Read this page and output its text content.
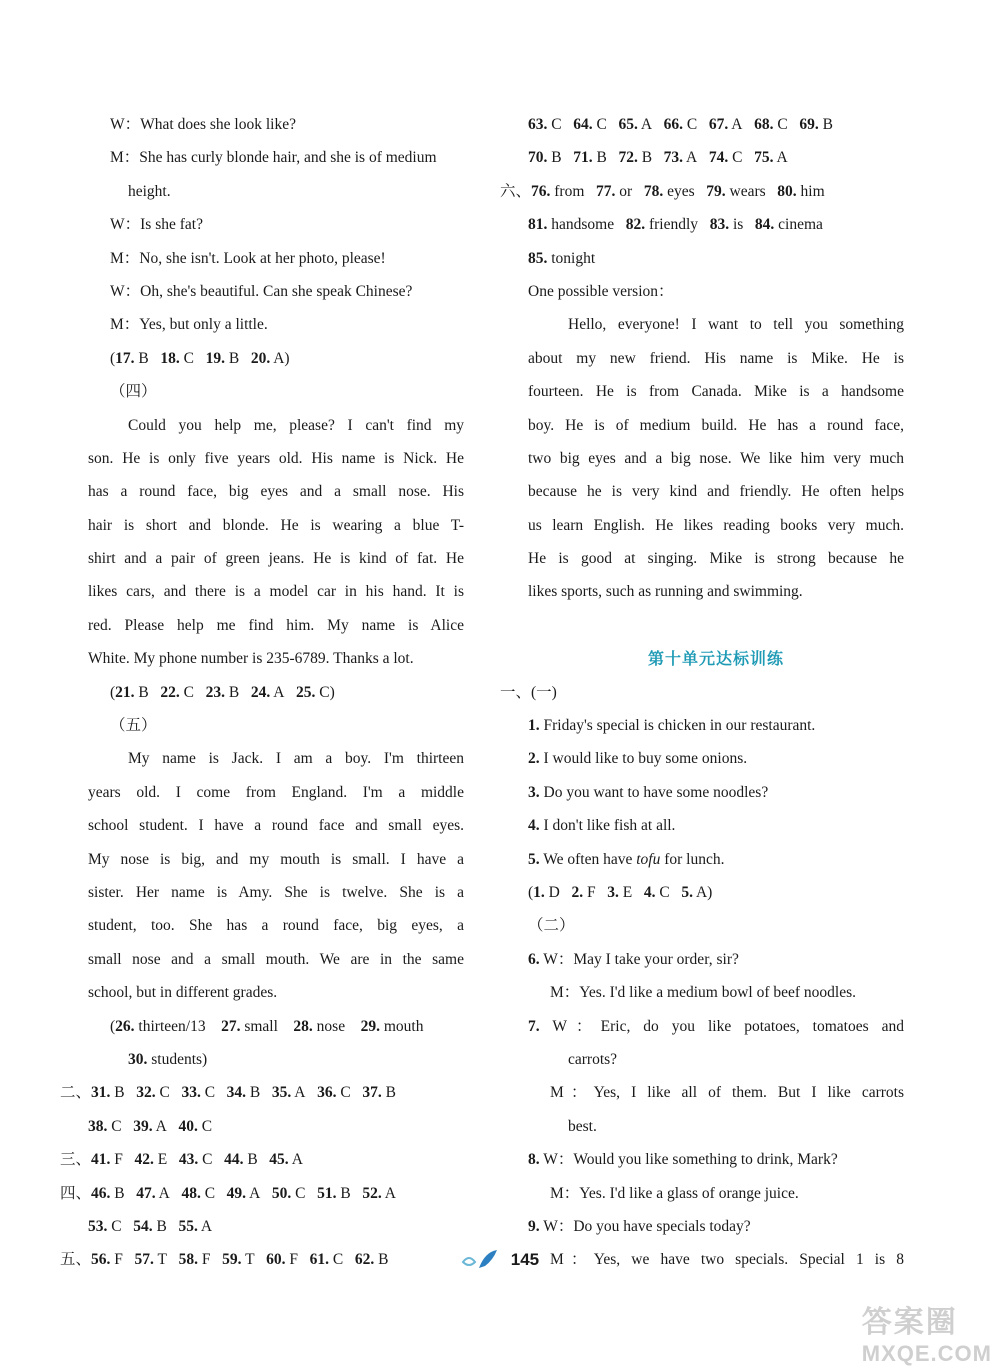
W：What does she look like?
M：She has curly blonde hair, and she is of medium
height.
W：Is she fat?
M：No, she isn't. Look at her photo, please!
W：Oh, she's beautiful. Can she speak Chinese?
M：Yes, but only a little.
(17. B   18. C   19. B   20. A)
（四）
Could you help me, please? I can't find my
son. He is only five years old. His name is Nick. He
has a round face, big eyes and a small nose. His
hair is short and blonde. He is wearing a blue T-
shirt and a pair of green jeans. He is kind of fat. He
likes cars, and there is a model car in his hand. It is
red. Please help me find him. My name is Alice
White. My phone number is 235-6789. Thanks a lot.
(21. B   22. C   23. B   24. A   25. C)
（五）
My name is Jack. I am a boy. I'm thirteen
years old. I come from England. I'm a middle
school student. I have a round face and small eyes.
My nose is big, and my mouth is small. I have a
sister. Her name is Amy. She is twelve. She is a
student, too. She has a round face, big eyes, a
small nose and a small mouth. We are in the same
school, but in different grades.
(26. thirteen/13    27. small    28. nose    29. mouth
30. students)
二、31. B   32. C   33. C   34. B   35. A   36. C   37. B
38. C   39. A   40. C
三、41. F   42. E   43. C   44. B   45. A
四、46. B   47. A   48. C   49. A   50. C   51. B   52. A
53. C   54. B   55. A
五、56. F   57. T   58. F   59. T   60. F   61. C   62. B
63. C   64. C   65. A   66. C   67. A   68. C   69. B
70. B   71. B   72. B   73. A   74. C   75. A
六、76. from   77. or   78. eyes   79. wears   80. him
81. handsome   82. friendly   83. is   84. cinema
85. tonight
One possible version：
Hello, everyone! I want to tell you something
about my new friend. His name is Mike. He is
fourteen. He is from Canada. Mike is a handsome
boy. He is of medium build. He has a round face,
two big eyes and a big nose. We like him very much
because he is very kind and friendly. He often helps
us learn English. He likes reading books very much.
He is good at singing. Mike is strong because he
likes sports, such as running and swimming.
第十单元达标训练
一、(一)
1. Friday's special is chicken in our restaurant.
2. I would like to buy some onions.
3. Do you want to have some noodles?
4. I don't like fish at all.
5. We often have tofu for lunch.
(1. D   2. F   3. E   4. C   5. A)
（二）
6. W：May I take your order, sir?
M：Yes. I'd like a medium bowl of beef noodles.
7. W：Eric, do you like potatoes, tomatoes and
carrots?
M：Yes, I like all of them. But I like carrots
best.
8. W：Would you like something to drink, Mark?
M：Yes. I'd like a glass of orange juice.
9. W：Do you have specials today?
M：Yes, we have two specials. Special 1 is 8
145
答案圈
MXQE.COM
